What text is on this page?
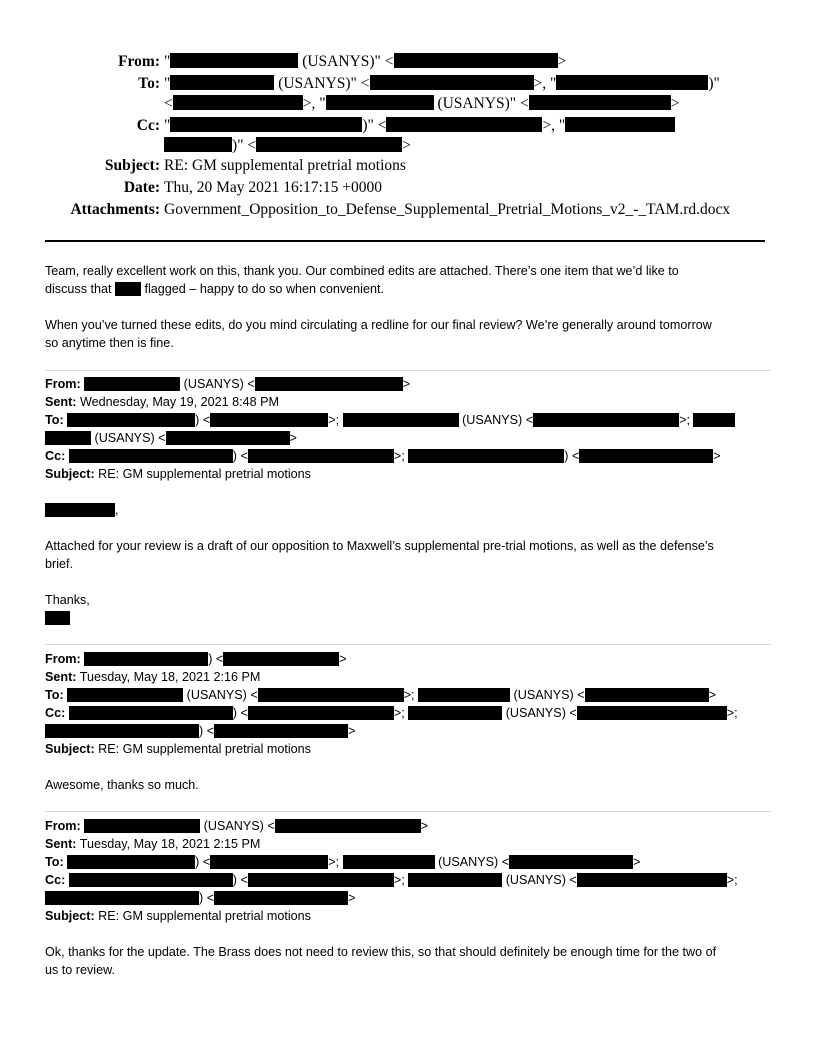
From: "	(USANYS)" <	>
To: "	(USANYS)" <	>, "	)"
<	>, "	(USANYS)" <	>
Cc: "	)" <	>, "
)" <	>
Subject: RE: GM supplemental pretrial motions
Date: Thu, 20 May 2021 16:17:15 +0000
Attachments: Government_Opposition_to_Defense_Supplemental_Pretrial_Motions_v2_-_TAM.rd.docx
Team, really excellent work on this, thank you. Our combined edits are attached. There’s one item that we’d like to
discuss that  flagged – happy to do so when convenient.
When you’ve turned these edits, do you mind circulating a redline for our final review? We’re generally around tomorrow
so anytime then is fine.
From:	(USANYS) <	>
Sent: Wednesday, May 19, 2021 8:48 PM
To:	) <	>;	(USANYS) <	>;
(USANYS) <	>
Cc:	) <	>;	) <	>
Subject: RE: GM supplemental pretrial motions
,
Attached for your review is a draft of our opposition to Maxwell’s supplemental pre-trial motions, as well as the defense’s
brief.
Thanks,
From:	) <	>
Sent: Tuesday, May 18, 2021 2:16 PM
To:	(USANYS) <	>;	(USANYS) <	>
Cc:	) <	>;	(USANYS) <	>;
) <	>
Subject: RE: GM supplemental pretrial motions
Awesome, thanks so much.
From:	(USANYS) <	>
Sent: Tuesday, May 18, 2021 2:15 PM
To:	) <	>;	(USANYS) <	>
Cc:	) <	>;	(USANYS) <	>;
) <	>
Subject: RE: GM supplemental pretrial motions
Ok, thanks for the update. The Brass does not need to review this, so that should definitely be enough time for the two of
us to review.
